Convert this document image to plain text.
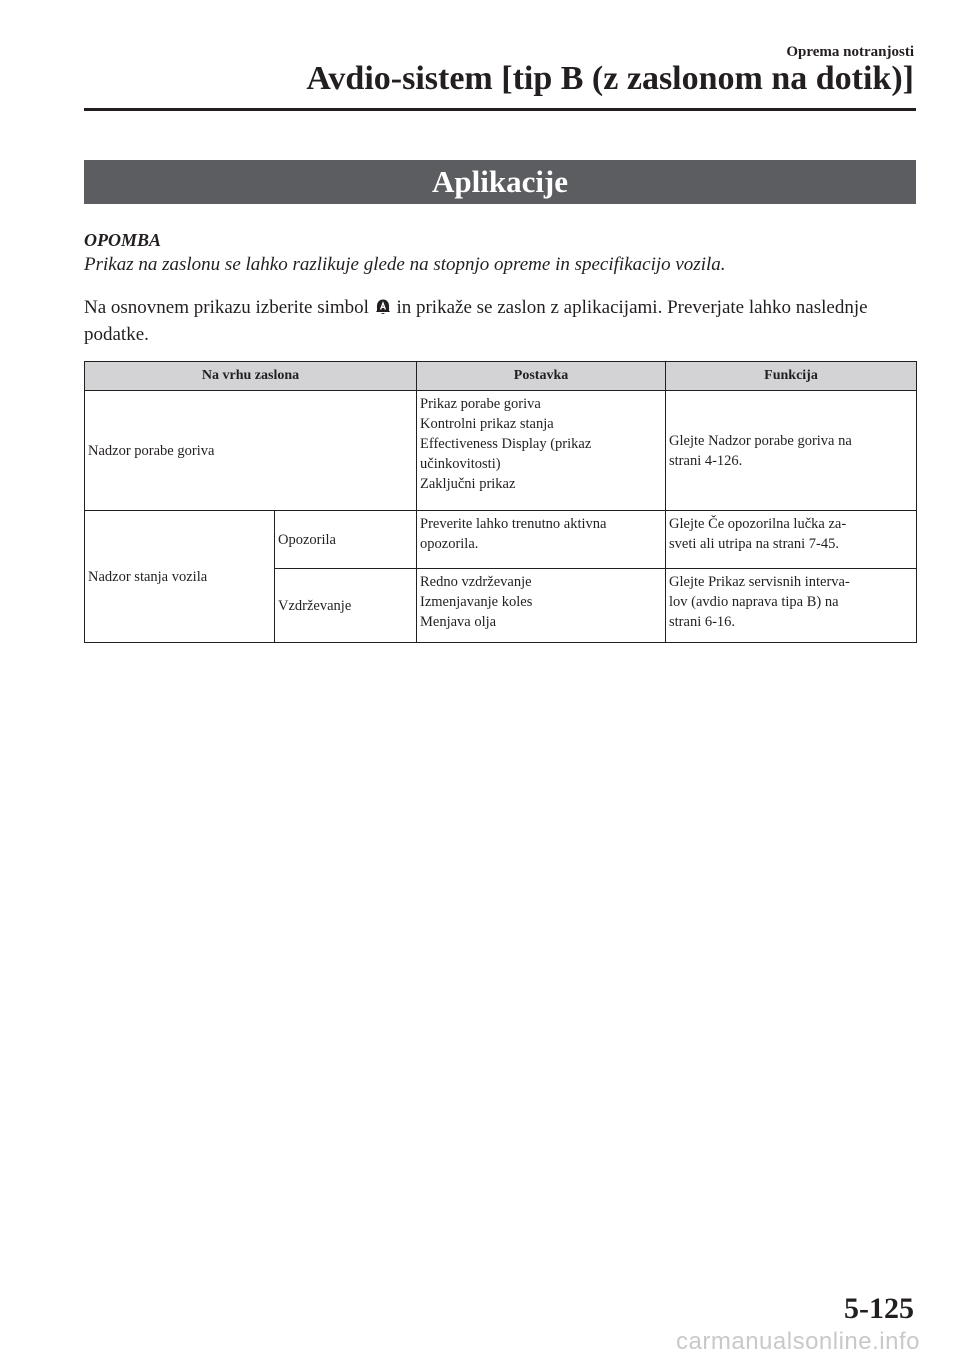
Oprema notranjosti
Avdio-sistem [tip B (z zaslonom na dotik)]
Aplikacije
OPOMBA
Prikaz na zaslonu se lahko razlikuje glede na stopnjo opreme in specifikacijo vozila.
Na osnovnem prikazu izberite simbol  in prikaže se zaslon z aplikacijami. Preverjate lahko naslednje podatke.
Na vrhu zaslona		Postavka	Funkcija
Nadzor porabe goriva		Prikaz porabe goriva
Kontrolni prikaz stanja
Effectiveness Display (prikaz
učinkovitosti)
Zaključni prikaz	Glejte Nadzor porabe goriva na
strani 4-126.

Nadzor stanja vozila	Opozorila	Preverite lahko trenutno aktivna
opozorila.	Glejte Če opozorilna lučka za-
sveti ali utripa na strani 7-45.

	Vzdrževanje	Redno vzdrževanje
Izmenjavanje koles
Menjava olja	Glejte Prikaz servisnih interva-
lov (avdio naprava tipa B) na
strani 6-16.
5-125
carmanualsonline.info
